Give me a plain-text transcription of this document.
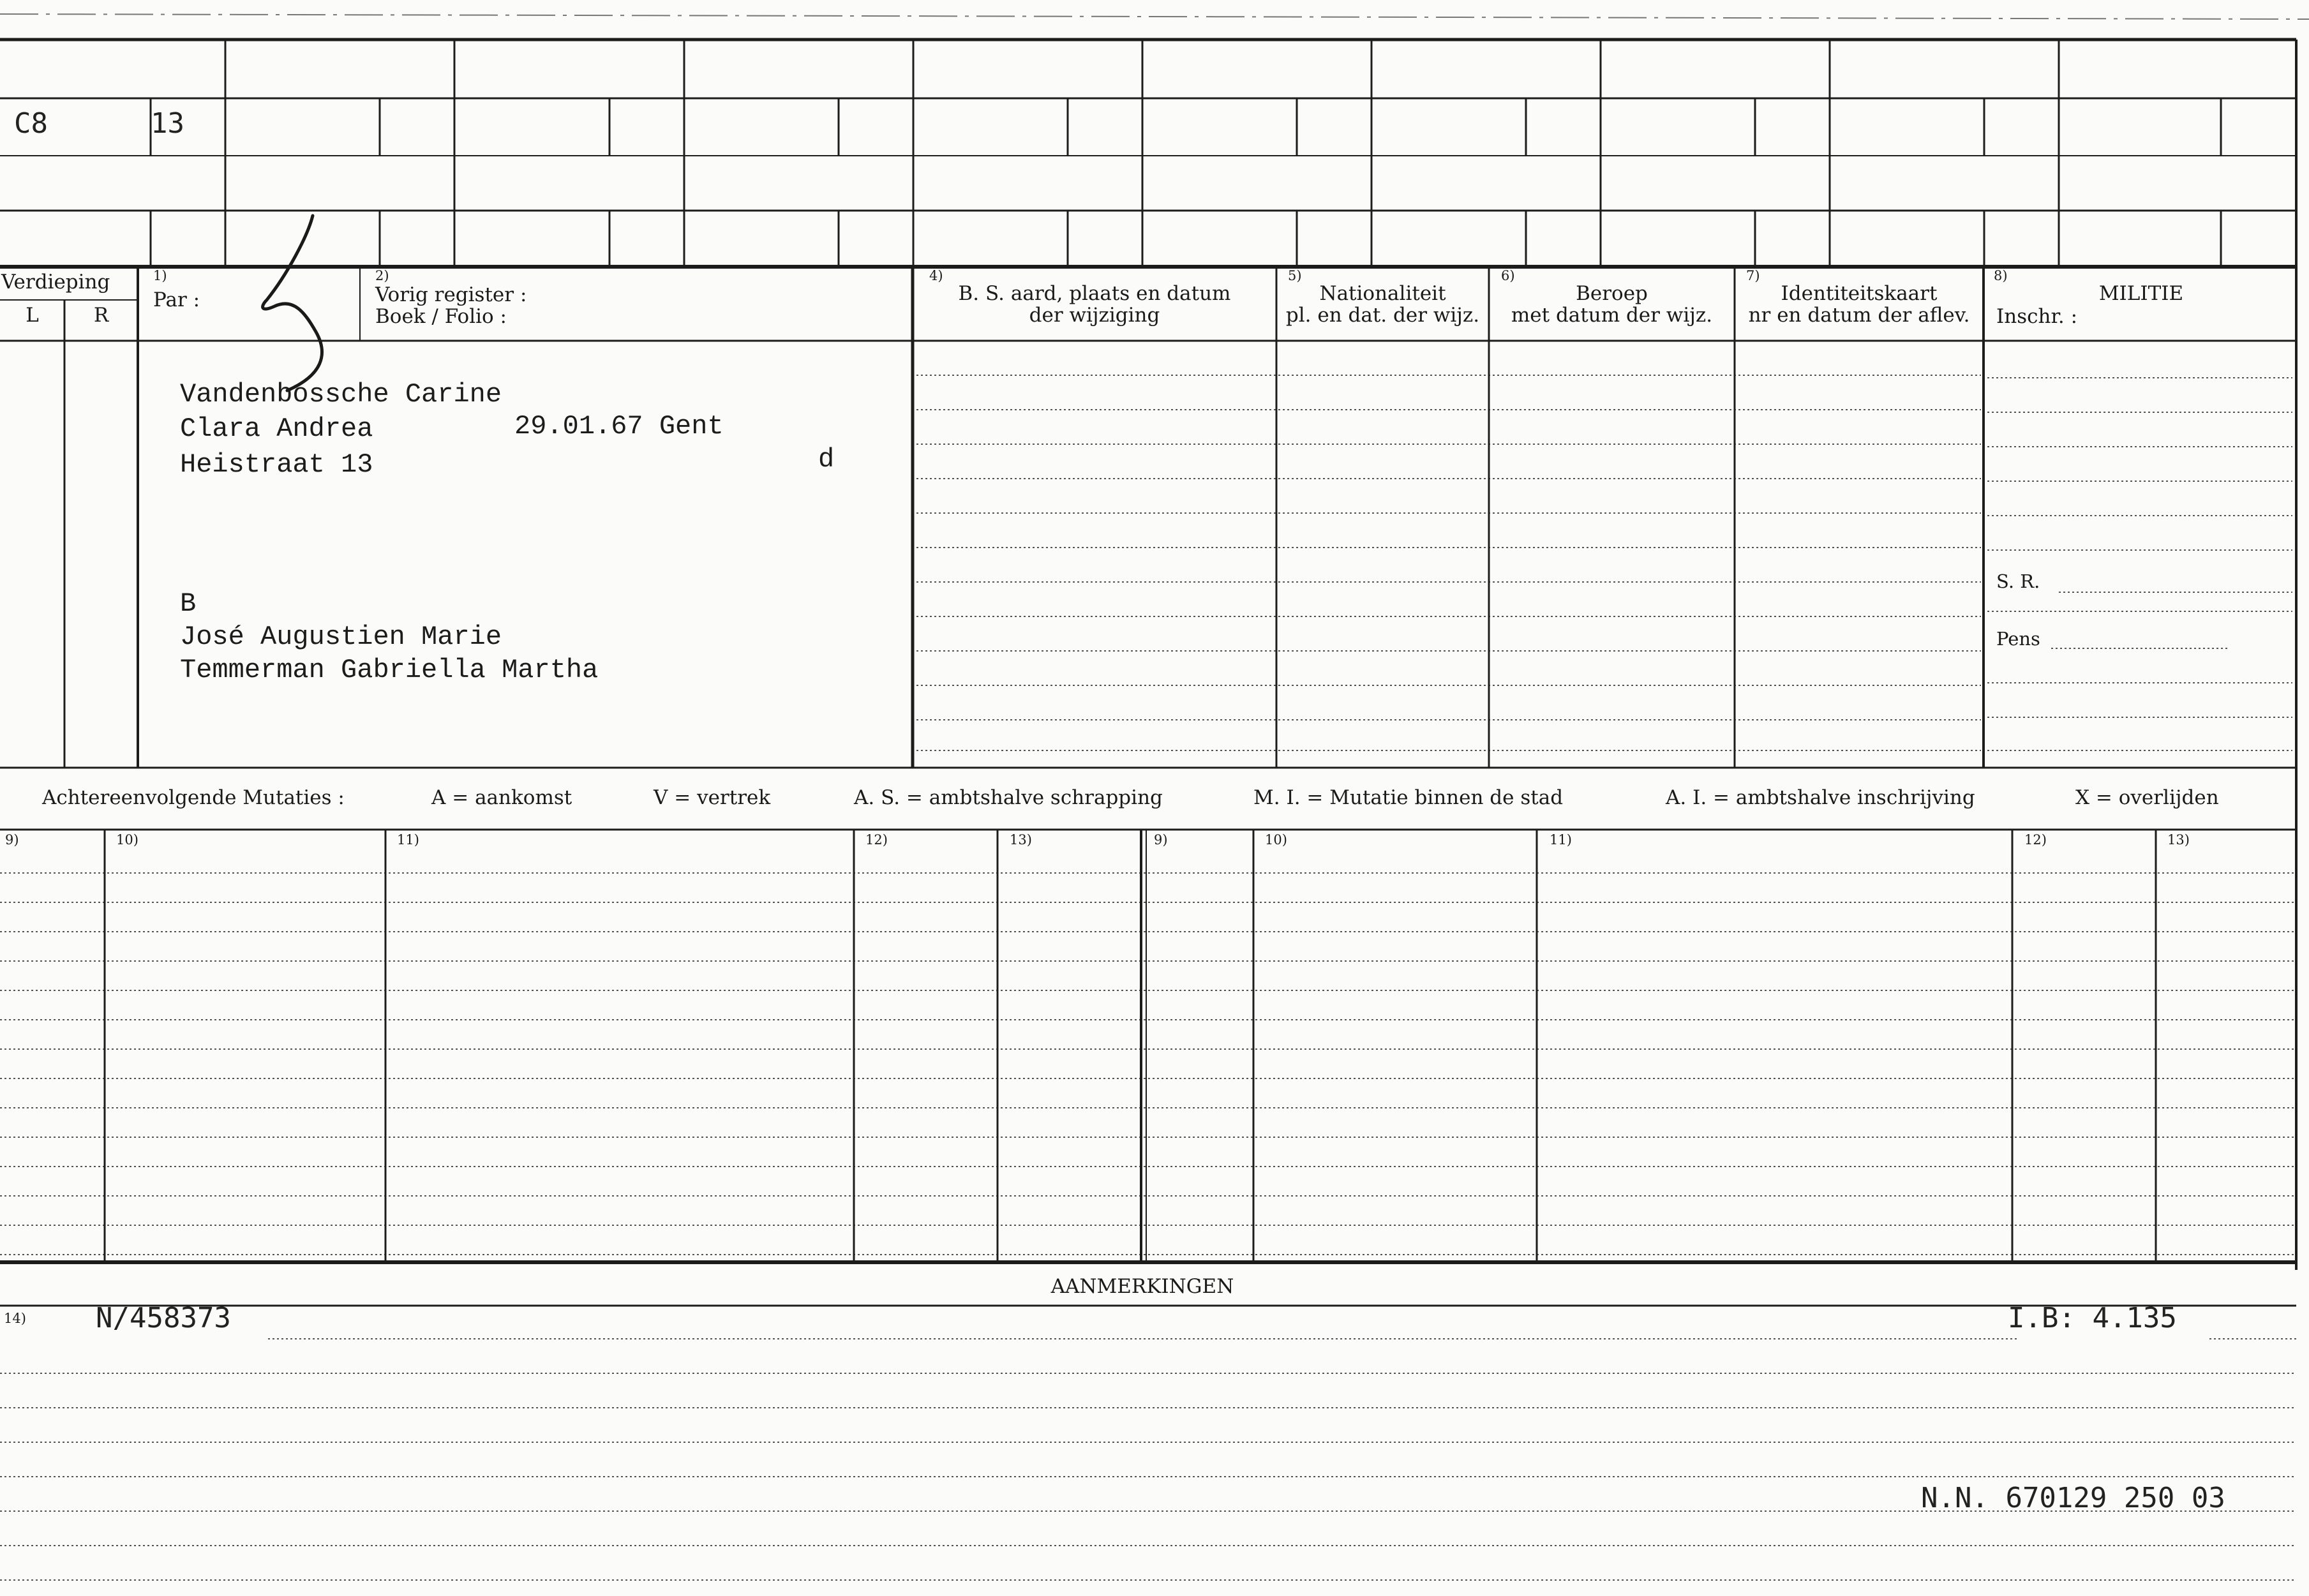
C8	13
Verdieping
L	R
1)
Par :
2)
Vorig register :
Boek / Folio :
4)
B. S. aard, plaats en datum
der wijziging
5)
Nationaliteit
pl. en dat. der wijz.
6)
Beroep
met datum der wijz.
7)
Identiteitskaart
nr en datum der aflev.
8)
MILITIE
Inschr. :
S. R.
Pens
Vandenbossche Carine
Clara Andrea	29.01.67 Gent
Heistraat 13	d
B
José Augustien Marie
Temmerman Gabriella Martha
Achtereenvolgende Mutaties :	A = aankomst	V = vertrek	A. S. = ambtshalve schrapping	M. I. = Mutatie binnen de stad	A. I. = ambtshalve inschrijving	X = overlijden
9)	10)	11)	12)	13)	9)	10)	11)	12)	13)
AANMERKINGEN
14) N/458373	I.B: 4.135
N.N. 670129 250 03
